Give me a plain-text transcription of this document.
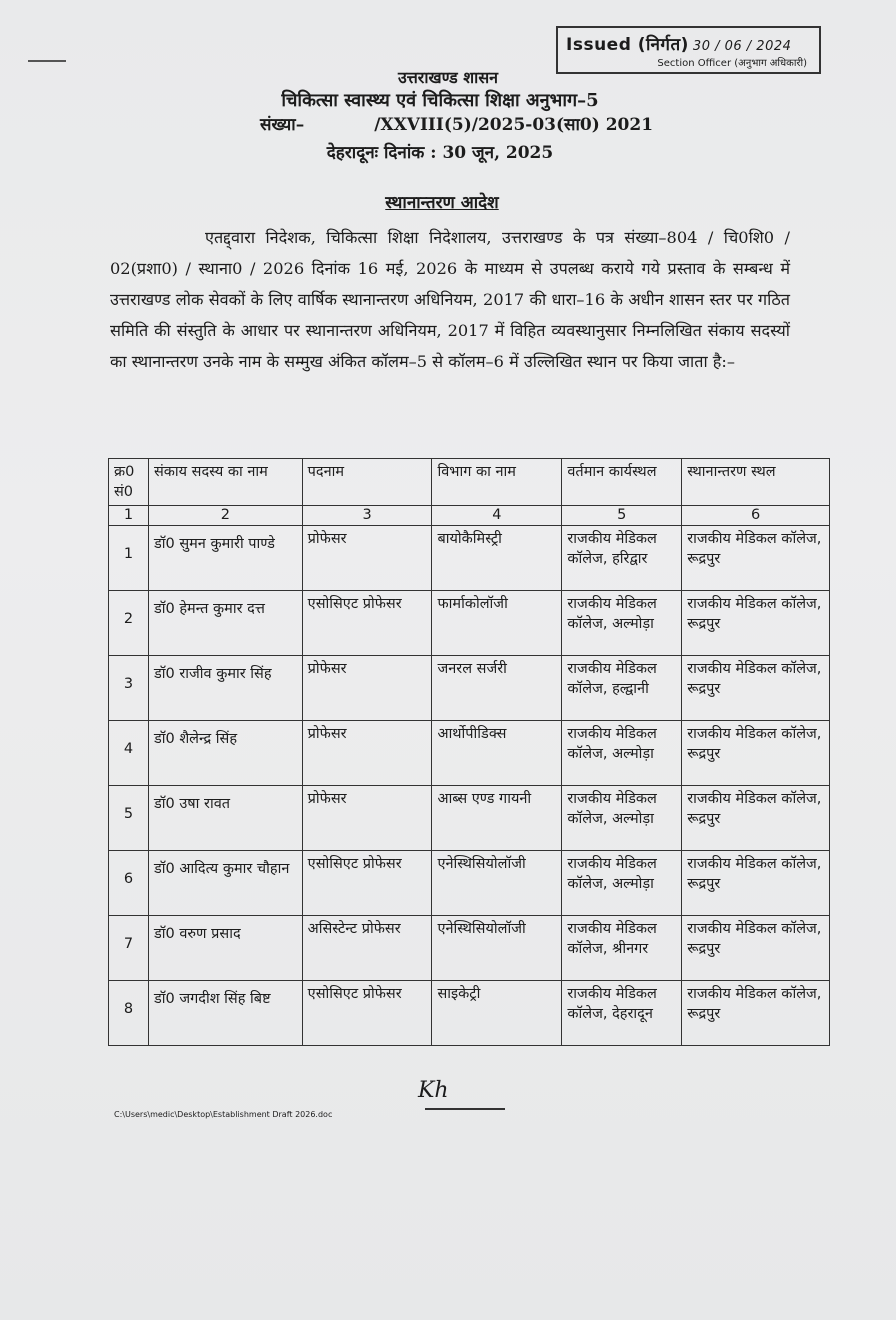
Issued (निर्गत) 30 / 06 / 2024
Section Officer (अनुभाग अधिकारी)
उत्तराखण्ड शासन
चिकित्सा स्वास्थ्य एवं चिकित्सा शिक्षा अनुभाग–5
संख्या–	/XXVIII(5)/2025-03(सा0) 2021
देहरादूनः दिनांक : 30 जून, 2025
स्थानान्तरण आदेश
एतद्द्वारा निदेशक, चिकित्सा शिक्षा निदेशालय, उत्तराखण्ड के पत्र संख्या–804 / चि0शि0 / 02(प्रशा0) / स्थाना0 / 2026 दिनांक 16 मई, 2026 के माध्यम से उपलब्ध कराये गये प्रस्ताव के सम्बन्ध में उत्तराखण्ड लोक सेवकों के लिए वार्षिक स्थानान्तरण अधिनियम, 2017 की धारा–16 के अधीन शासन स्तर पर गठित समिति की संस्तुति के आधार पर स्थानान्तरण अधिनियम, 2017 में विहित व्यवस्थानुसार निम्नलिखित संकाय सदस्यों का स्थानान्तरण उनके नाम के सम्मुख अंकित कॉलम–5 से कॉलम–6 में उल्लिखित स्थान पर किया जाता है:–
क्र0 सं0	संकाय सदस्य का नाम	पदनाम	विभाग का नाम	वर्तमान कार्यस्थल	स्थानान्तरण स्थल
1	2	3	4	5	6
1	डॉ0 सुमन कुमारी पाण्डे	प्रोफेसर	बायोकैमिस्ट्री	राजकीय मेडिकल कॉलेज, हरिद्वार	राजकीय मेडिकल कॉलेज, रूद्रपुर
2	डॉ0 हेमन्त कुमार दत्त	एसोसिएट प्रोफेसर	फार्माकोलॉजी	राजकीय मेडिकल कॉलेज, अल्मोड़ा	राजकीय मेडिकल कॉलेज, रूद्रपुर
3	डॉ0 राजीव कुमार सिंह	प्रोफेसर	जनरल सर्जरी	राजकीय मेडिकल कॉलेज, हल्द्वानी	राजकीय मेडिकल कॉलेज, रूद्रपुर
4	डॉ0 शैलेन्द्र सिंह	प्रोफेसर	आर्थोपीडिक्स	राजकीय मेडिकल कॉलेज, अल्मोड़ा	राजकीय मेडिकल कॉलेज, रूद्रपुर
5	डॉ0 उषा रावत	प्रोफेसर	आब्स एण्ड गायनी	राजकीय मेडिकल कॉलेज, अल्मोड़ा	राजकीय मेडिकल कॉलेज, रूद्रपुर
6	डॉ0 आदित्य कुमार चौहान	एसोसिएट प्रोफेसर	एनेस्थिसियोलॉजी	राजकीय मेडिकल कॉलेज, अल्मोड़ा	राजकीय मेडिकल कॉलेज, रूद्रपुर
7	डॉ0 वरुण प्रसाद	असिस्टेन्ट प्रोफेसर	एनेस्थिसियोलॉजी	राजकीय मेडिकल कॉलेज, श्रीनगर	राजकीय मेडिकल कॉलेज, रूद्रपुर
8	डॉ0 जगदीश सिंह बिष्ट	एसोसिएट प्रोफेसर	साइकेट्री	राजकीय मेडिकल कॉलेज, देहरादून	राजकीय मेडिकल कॉलेज, रूद्रपुर
Kh
C:\Users\medic\Desktop\Establishment Draft 2026.doc
